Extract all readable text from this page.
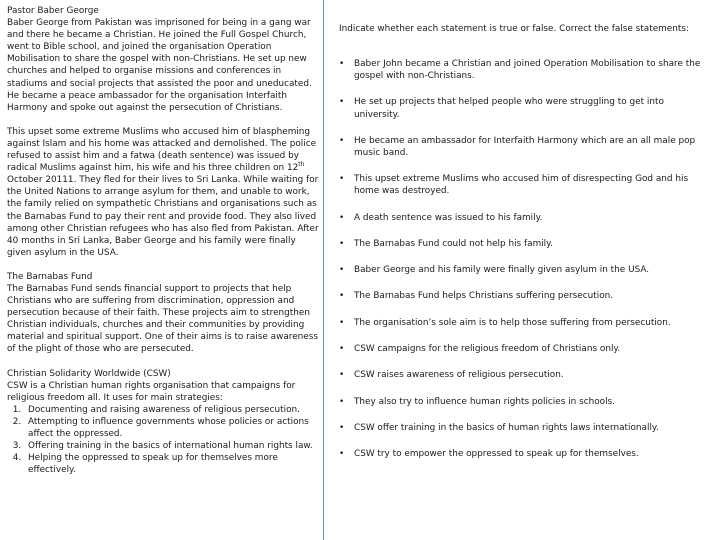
Pastor Baber George

Baber George from Pakistan was imprisoned for being in a gang war and there he became a Christian. He joined the Full Gospel Church, went to Bible school, and joined the organisation Operation Mobilisation to share the gospel with non-Christians. He set up new churches and helped to organise missions and conferences in stadiums and social projects that assisted the poor and uneducated. He became a peace ambassador for the organisation Interfaith Harmony and spoke out against the persecution of Christians.

This upset some extreme Muslims who accused him of blaspheming against Islam and his home was attacked and demolished. The police refused to assist him and a fatwa (death sentence) was issued by radical Muslims against him, his wife and his three children on 12th October 20111. They fled for their lives to Sri Lanka. While waiting for the United Nations to arrange asylum for them, and unable to work, the family relied on sympathetic Christians and organisations such as the Barnabas Fund to pay their rent and provide food. They also lived among other Christian refugees who has also fled from Pakistan. After 40 months in Sri Lanka, Baber George and his family were finally given asylum in the USA.

The Barnabas Fund

The Barnabas Fund sends financial support to projects that help Christians who are suffering from discrimination, oppression and persecution because of their faith. These projects aim to strengthen Christian individuals, churches and their communities by providing material and spiritual support. One of their aims is to raise awareness of the plight of those who are persecuted.

Christian Solidarity Worldwide (CSW)

CSW is a Christian human rights organisation that campaigns for religious freedom all. It uses for main strategies:

1. Documenting and raising awareness of religious persecution.
2. Attempting to influence governments whose policies or actions affect the oppressed.
3. Offering training in the basics of international human rights law.
4. Helping the oppressed to speak up for themselves more effectively.

Indicate whether each statement is true or false. Correct the false statements:

• Baber John became a Christian and joined Operation Mobilisation to share the gospel with non-Christians.
• He set up projects that helped people who were struggling to get into university.
• He became an ambassador for Interfaith Harmony which are an all male pop music band.
• This upset extreme Muslims who accused him of disrespecting God and his home was destroyed.
• A death sentence was issued to his family.
• The Barnabas Fund could not help his family.
• Baber George and his family were finally given asylum in the USA.
• The Barnabas Fund helps Christians suffering persecution.
• The organisation’s sole aim is to help those suffering from persecution.
• CSW campaigns for the religious freedom of Christians only.
• CSW raises awareness of religious persecution.
• They also try to influence human rights policies in schools.
• CSW offer training in the basics of human rights laws internationally.
• CSW try to empower the oppressed to speak up for themselves.
